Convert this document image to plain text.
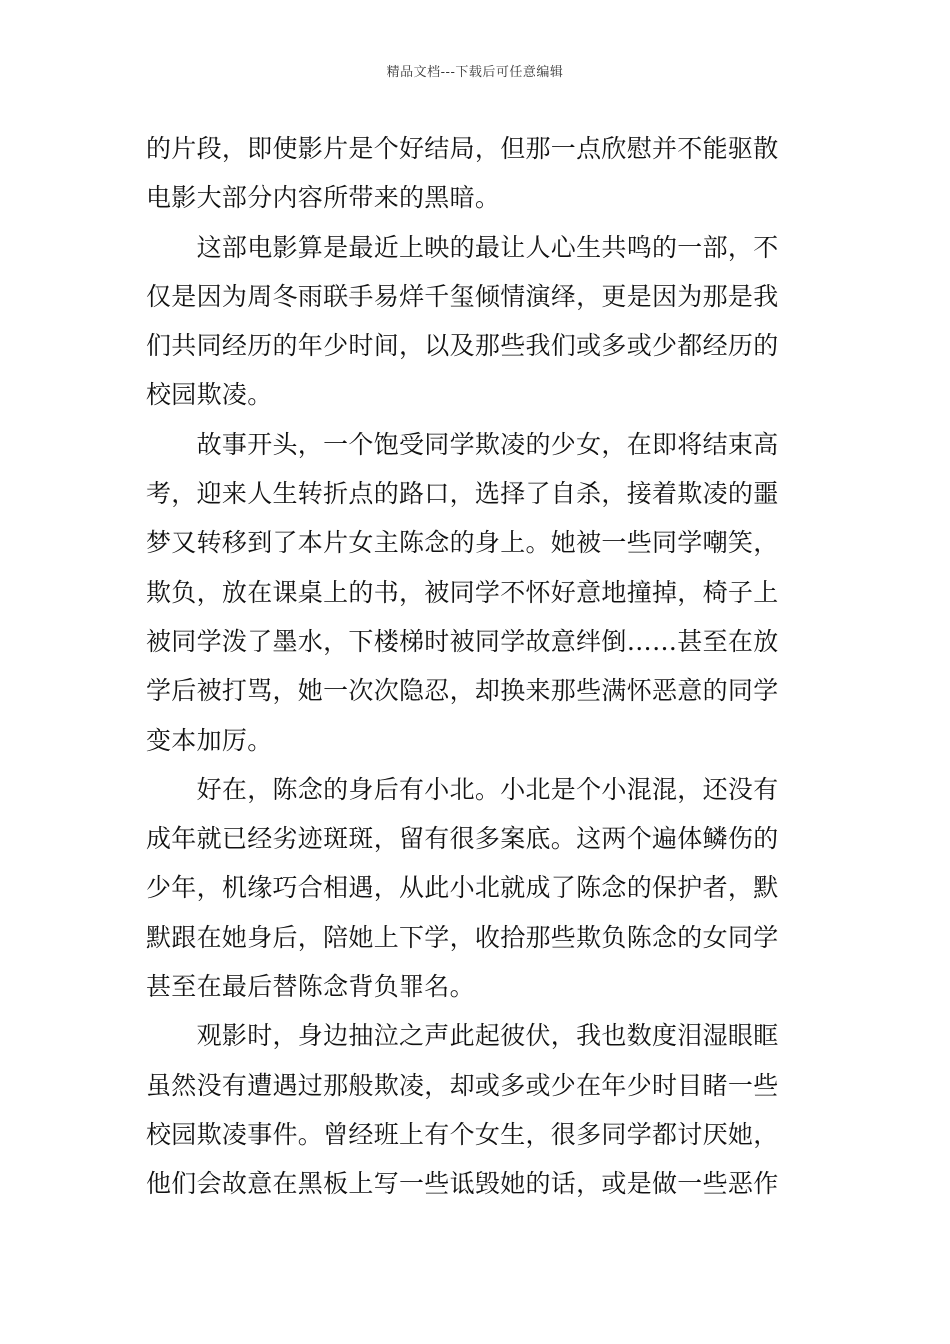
精品文档---下载后可任意编辑
的片段，即使影片是个好结局，但那一点欣慰并不能驱散
电影大部分内容所带来的黑暗。
　　这部电影算是最近上映的最让人心生共鸣的一部，不
仅是因为周冬雨联手易烊千玺倾情演绎，更是因为那是我
们共同经历的年少时间，以及那些我们或多或少都经历的
校园欺凌。
　　故事开头，一个饱受同学欺凌的少女，在即将结束高
考，迎来人生转折点的路口，选择了自杀，接着欺凌的噩
梦又转移到了本片女主陈念的身上。她被一些同学嘲笑，
欺负，放在课桌上的书，被同学不怀好意地撞掉，椅子上
被同学泼了墨水，下楼梯时被同学故意绊倒……甚至在放
学后被打骂，她一次次隐忍，却换来那些满怀恶意的同学
变本加厉。
　　好在，陈念的身后有小北。小北是个小混混，还没有
成年就已经劣迹斑斑，留有很多案底。这两个遍体鳞伤的
少年，机缘巧合相遇，从此小北就成了陈念的保护者，默
默跟在她身后，陪她上下学，收拾那些欺负陈念的女同学
甚至在最后替陈念背负罪名。
　　观影时，身边抽泣之声此起彼伏，我也数度泪湿眼眶
虽然没有遭遇过那般欺凌，却或多或少在年少时目睹一些
校园欺凌事件。曾经班上有个女生，很多同学都讨厌她，
他们会故意在黑板上写一些诋毁她的话，或是做一些恶作
